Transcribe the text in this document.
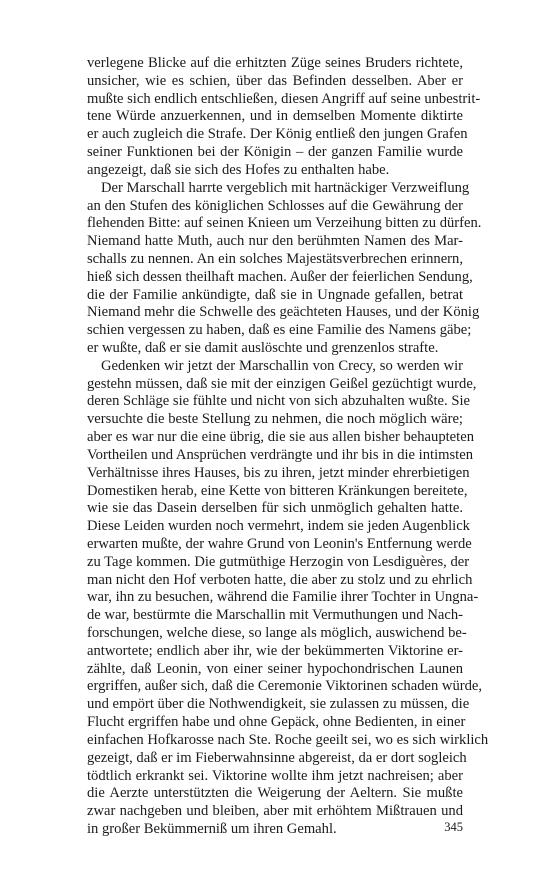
verlegene Blicke auf die erhitzten Züge seines Bruders richtete,
unsicher, wie es schien, über das Befinden desselben. Aber er
mußte sich endlich entschließen, diesen Angriff auf seine unbestrit-
tene Würde anzuerkennen, und in demselben Momente diktirte
er auch zugleich die Strafe. Der König entließ den jungen Grafen
seiner Funktionen bei der Königin – der ganzen Familie wurde
angezeigt, daß sie sich des Hofes zu enthalten habe.

Der Marschall harrte vergeblich mit hartnäckiger Verzweiflung
an den Stufen des königlichen Schlosses auf die Gewährung der
flehenden Bitte: auf seinen Knieen um Verzeihung bitten zu dürfen.
Niemand hatte Muth, auch nur den berühmten Namen des Mar-
schalls zu nennen. An ein solches Majestätsverbrechen erinnern,
hieß sich dessen theilhaft machen. Außer der feierlichen Sendung,
die der Familie ankündigte, daß sie in Ungnade gefallen, betrat
Niemand mehr die Schwelle des geächteten Hauses, und der König
schien vergessen zu haben, daß es eine Familie des Namens gäbe;
er wußte, daß er sie damit auslöschte und grenzenlos strafte.

Gedenken wir jetzt der Marschallin von Crecy, so werden wir
gestehn müssen, daß sie mit der einzigen Geißel gezüchtigt wurde,
deren Schläge sie fühlte und nicht von sich abzuhalten wußte. Sie
versuchte die beste Stellung zu nehmen, die noch möglich wäre;
aber es war nur die eine übrig, die sie aus allen bisher behaupteten
Vortheilen und Ansprüchen verdrängte und ihr bis in die intimsten
Verhältnisse ihres Hauses, bis zu ihren, jetzt minder ehrerbietigen
Domestiken herab, eine Kette von bitteren Kränkungen bereitete,
wie sie das Dasein derselben für sich unmöglich gehalten hatte.
Diese Leiden wurden noch vermehrt, indem sie jeden Augenblick
erwarten mußte, der wahre Grund von Leonin's Entfernung werde
zu Tage kommen. Die gutmüthige Herzogin von Lesdiguères, der
man nicht den Hof verboten hatte, die aber zu stolz und zu ehrlich
war, ihn zu besuchen, während die Familie ihrer Tochter in Ungna-
de war, bestürmte die Marschallin mit Vermuthungen und Nach-
forschungen, welche diese, so lange als möglich, auswichend be-
antwortete; endlich aber ihr, wie der bekümmerten Viktorine er-
zählte, daß Leonin, von einer seiner hypochondrischen Launen
ergriffen, außer sich, daß die Ceremonie Viktorinen schaden würde,
und empört über die Nothwendigkeit, sie zulassen zu müssen, die
Flucht ergriffen habe und ohne Gepäck, ohne Bedienten, in einer
einfachen Hofkarosse nach Ste. Roche geeilt sei, wo es sich wirklich
gezeigt, daß er im Fieberwahnsinne abgereist, da er dort sogleich
tödtlich erkrankt sei. Viktorine wollte ihm jetzt nachreisen; aber
die Aerzte unterstützten die Weigerung der Aeltern. Sie mußte
zwar nachgeben und bleiben, aber mit erhöhtem Mißtrauen und
in großer Bekümmerniß um ihren Gemahl.	345
